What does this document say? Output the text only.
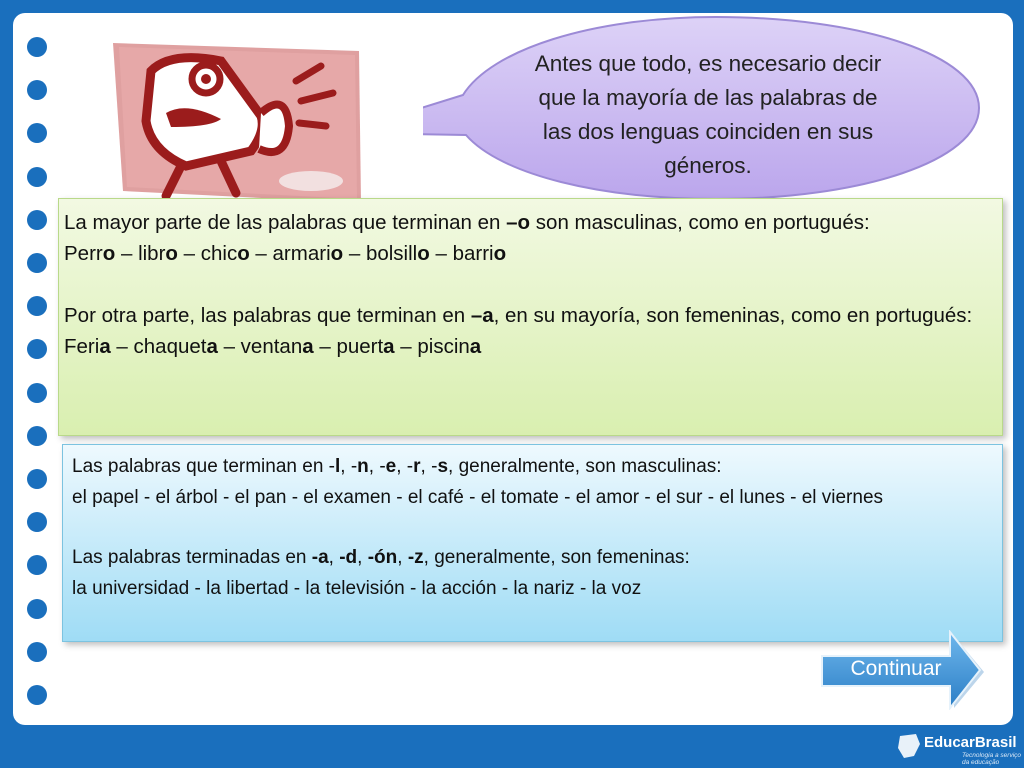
Antes que todo, es necesario decir que la mayoría de las palabras de las dos lenguas coinciden en sus géneros.
La mayor parte de las palabras que terminan en –o son masculinas, como en portugués:
Perro – libro – chico – armario – bolsillo – barrio
Por otra parte, las palabras que terminan en –a, en su mayoría, son femeninas, como en portugués:
Feria – chaqueta – ventana – puerta – piscina
Las palabras que terminan en -l, -n, -e, -r, -s, generalmente, son masculinas:
el papel - el árbol - el pan - el examen - el café - el tomate - el amor - el sur - el lunes - el viernes
Las palabras terminadas en -a, -d, -ón, -z, generalmente, son femeninas:
la universidad - la libertad - la televisión - la acción - la nariz - la voz
Continuar
EducarBrasil
Tecnologia a serviço da educação
